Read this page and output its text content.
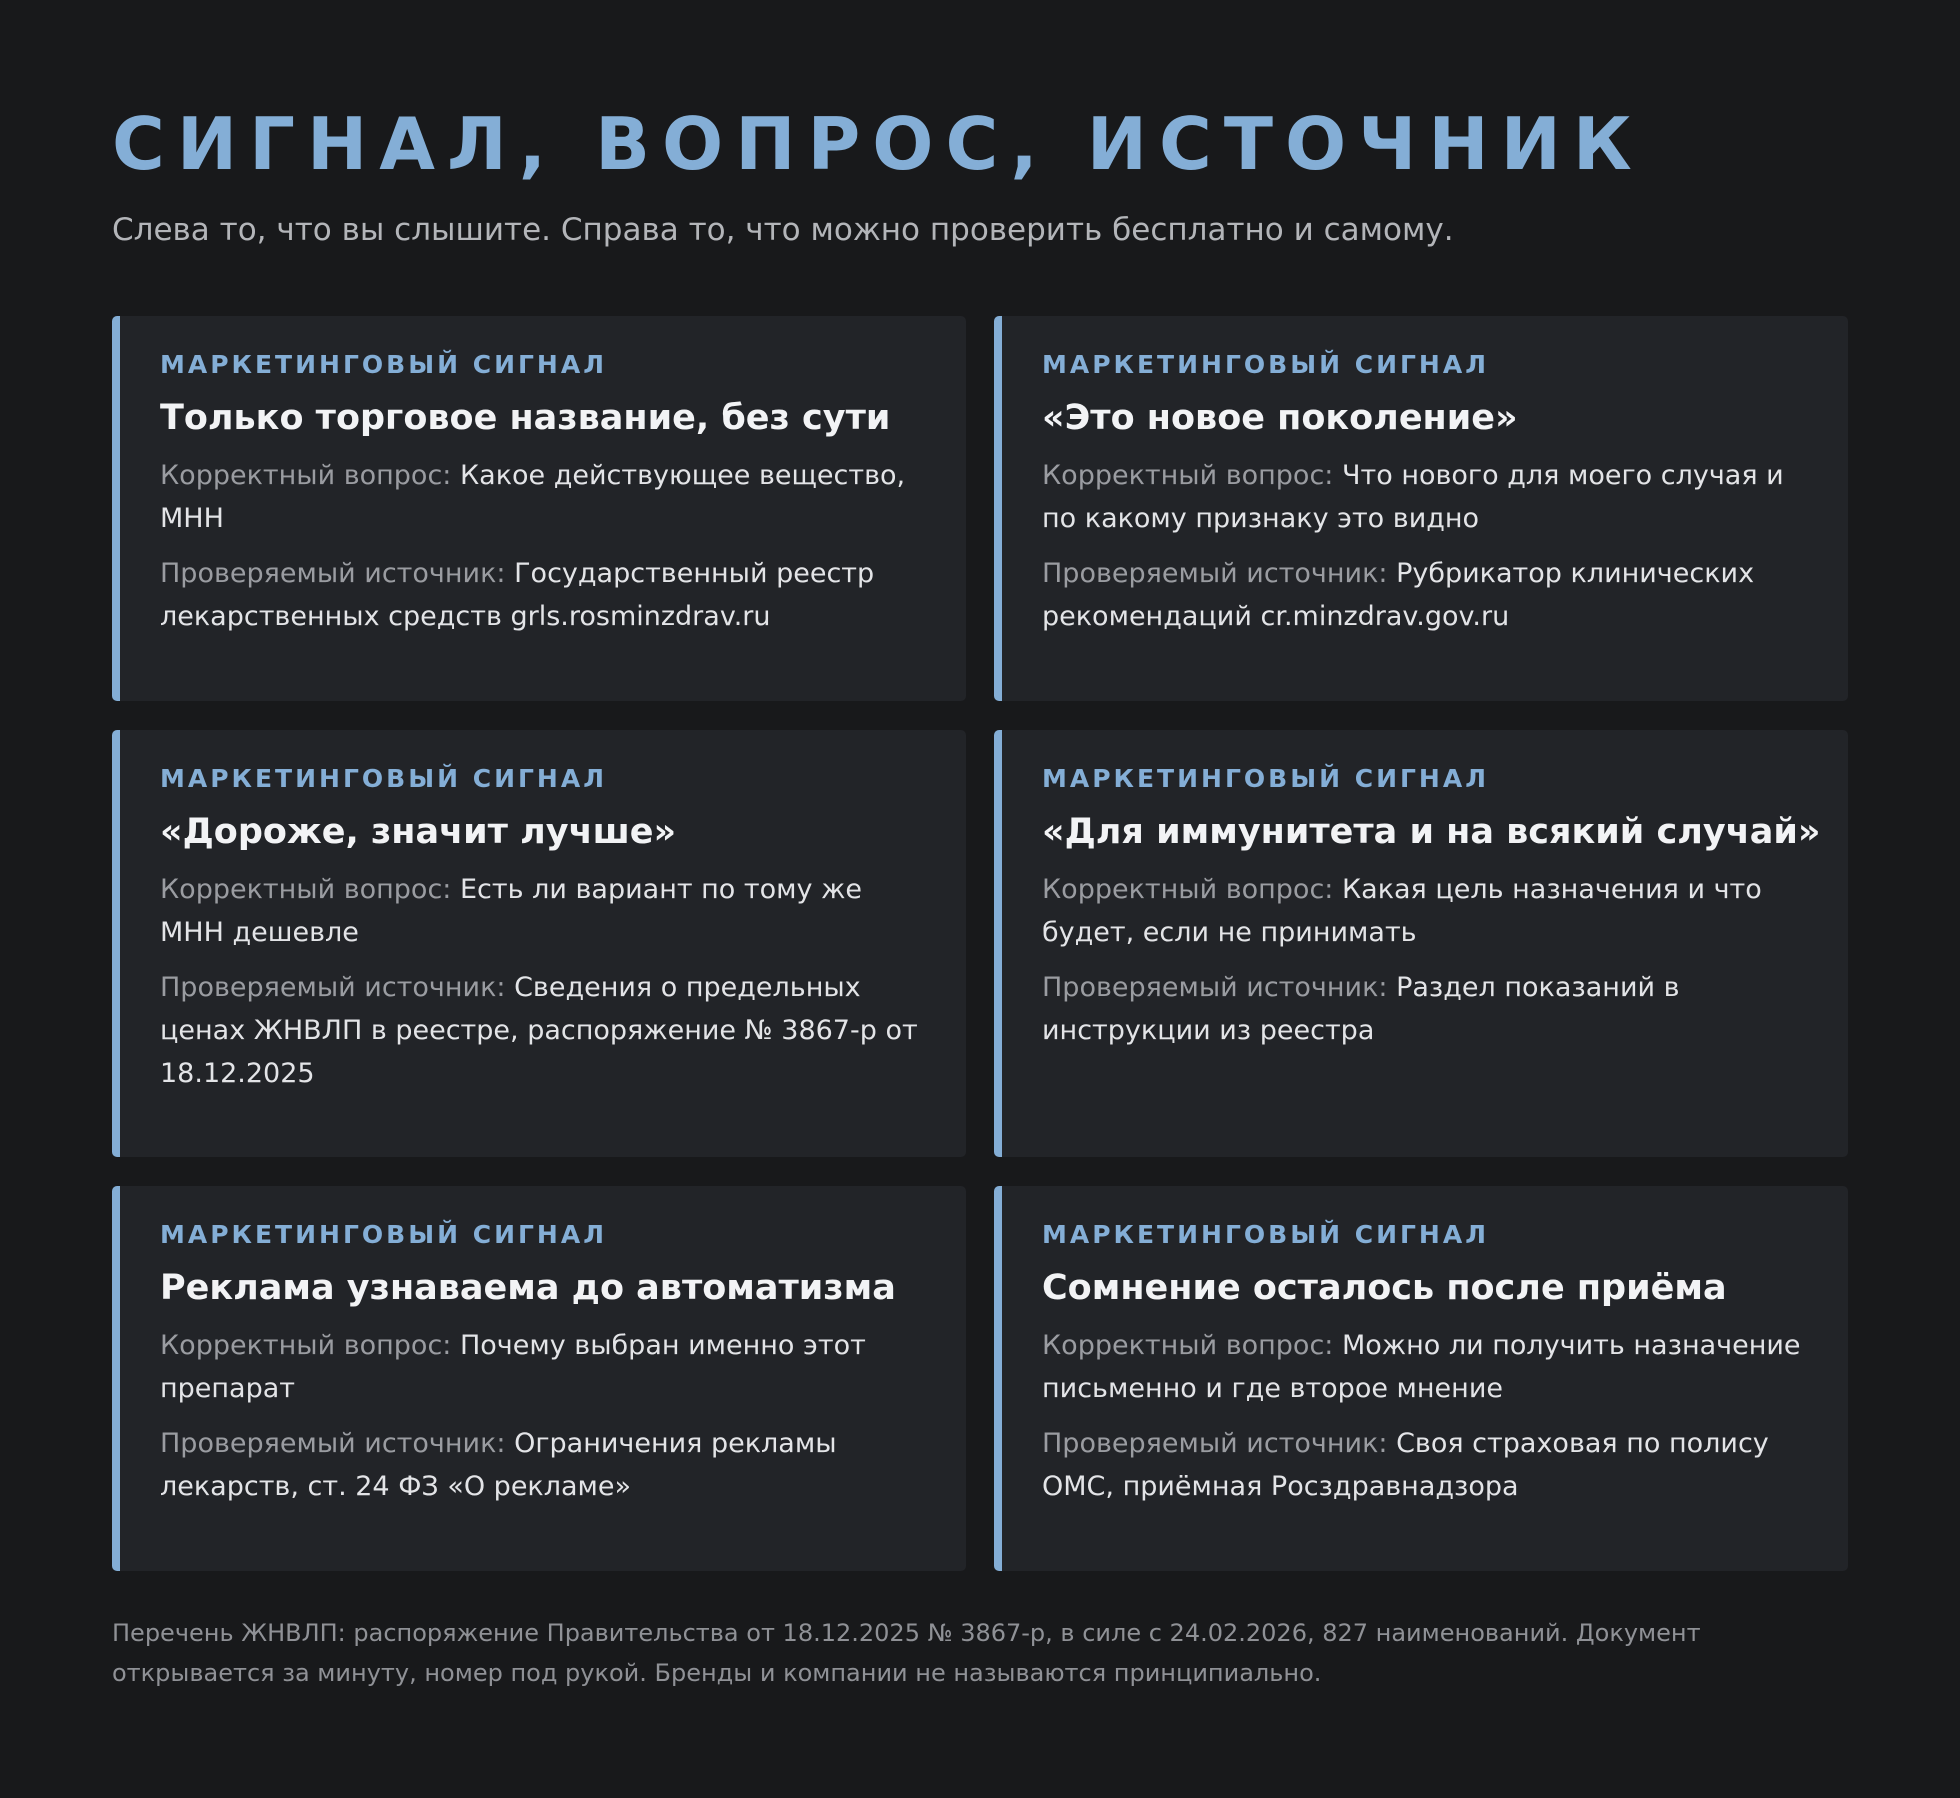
СИГНАЛ, ВОПРОС, ИСТОЧНИК

Слева то, что вы слышите. Справа то, что можно проверить бесплатно и самому.

МАРКЕТИНГОВЫЙ СИГНАЛ
Только торговое название, без сути

Корректный вопрос: Какое действующее вещество, МНН

Проверяемый источник: Государственный реестр лекарственных средств grls.rosminzdrav.ru

МАРКЕТИНГОВЫЙ СИГНАЛ
«Это новое поколение»

Корректный вопрос: Что нового для моего случая и по какому признаку это видно

Проверяемый источник: Рубрикатор клинических рекомендаций cr.minzdrav.gov.ru

МАРКЕТИНГОВЫЙ СИГНАЛ
«Дороже, значит лучше»

Корректный вопрос: Есть ли вариант по тому же МНН дешевле

Проверяемый источник: Сведения о предельных ценах ЖНВЛП в реестре, распоряжение № 3867-р от 18.12.2025

МАРКЕТИНГОВЫЙ СИГНАЛ
«Для иммунитета и на всякий случай»

Корректный вопрос: Какая цель назначения и что будет, если не принимать

Проверяемый источник: Раздел показаний в инструкции из реестра

МАРКЕТИНГОВЫЙ СИГНАЛ
Реклама узнаваема до автоматизма

Корректный вопрос: Почему выбран именно этот препарат

Проверяемый источник: Ограничения рекламы лекарств, ст. 24 ФЗ «О рекламе»

МАРКЕТИНГОВЫЙ СИГНАЛ
Сомнение осталось после приёма

Корректный вопрос: Можно ли получить назначение письменно и где второе мнение

Проверяемый источник: Своя страховая по полису ОМС, приёмная Росздравнадзора

Перечень ЖНВЛП: распоряжение Правительства от 18.12.2025 № 3867-р, в силе с 24.02.2026, 827 наименований. Документ открывается за минуту, номер под рукой. Бренды и компании не называются принципиально.
